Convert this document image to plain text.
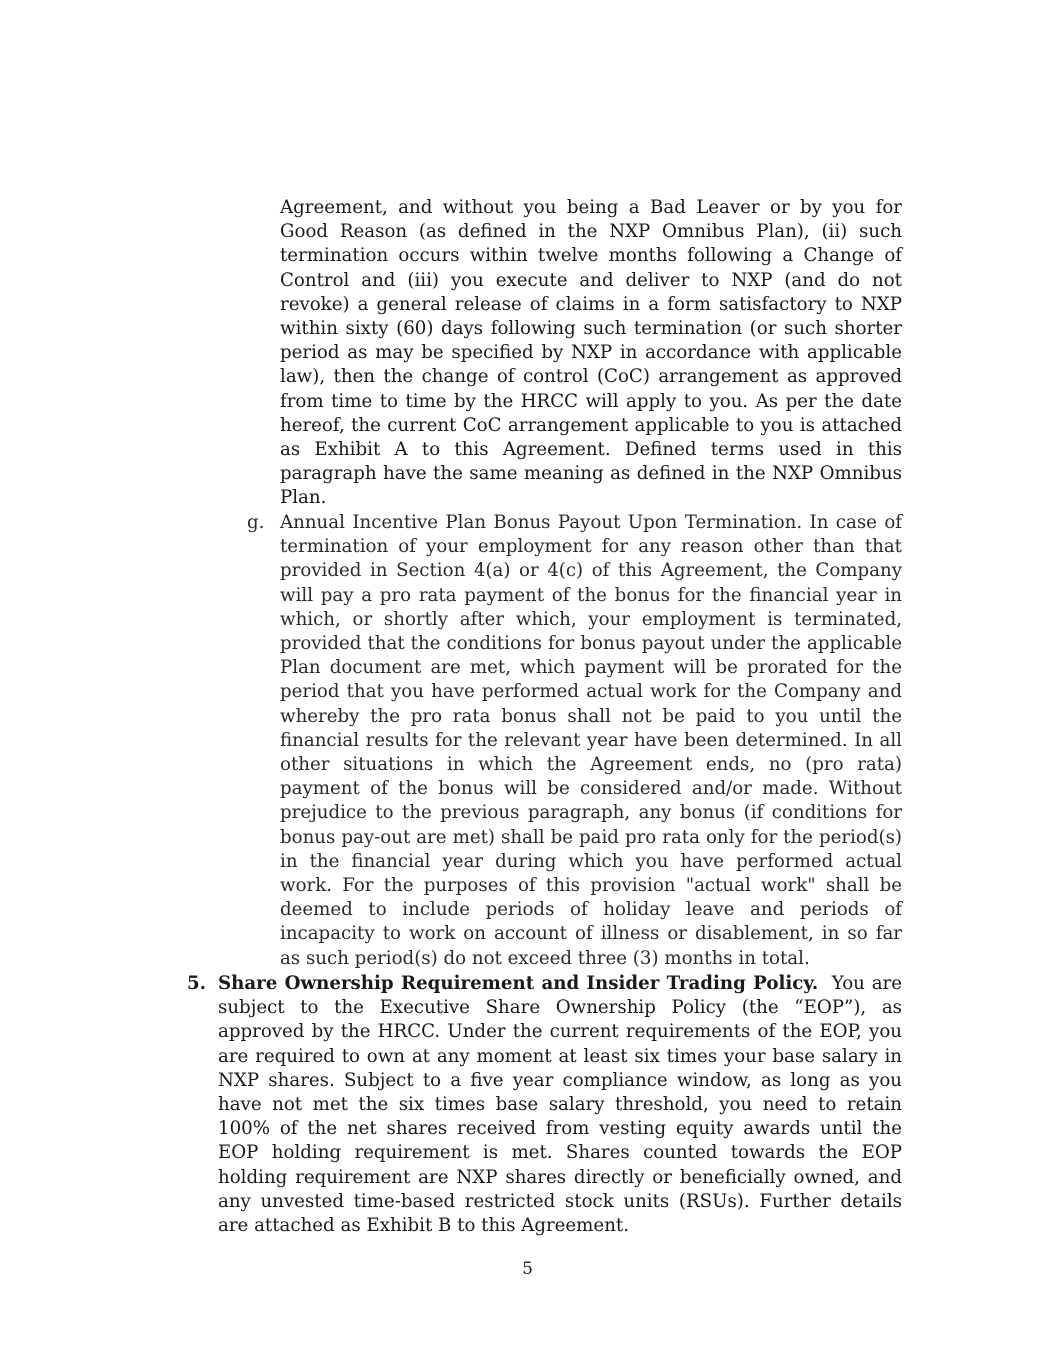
Agreement, and without you being a Bad Leaver or by you for Good Reason (as defined in the NXP Omnibus Plan), (ii) such termination occurs within twelve months following a Change of Control and (iii) you execute and deliver to NXP (and do not revoke) a general release of claims in a form satisfactory to NXP within sixty (60) days following such termination (or such shorter period as may be specified by NXP in accordance with applicable law), then the change of control (CoC) arrangement as approved from time to time by the HRCC will apply to you. As per the date hereof, the current CoC arrangement applicable to you is attached as Exhibit A to this Agreement. Defined terms used in this paragraph have the same meaning as defined in the NXP Omnibus Plan.

g. Annual Incentive Plan Bonus Payout Upon Termination. In case of termination of your employment for any reason other than that provided in Section 4(a) or 4(c) of this Agreement, the Company will pay a pro rata payment of the bonus for the financial year in which, or shortly after which, your employment is terminated, provided that the conditions for bonus payout under the applicable Plan document are met, which payment will be prorated for the period that you have performed actual work for the Company and whereby the pro rata bonus shall not be paid to you until the financial results for the relevant year have been determined. In all other situations in which the Agreement ends, no (pro rata) payment of the bonus will be considered and/or made. Without prejudice to the previous paragraph, any bonus (if conditions for bonus pay-out are met) shall be paid pro rata only for the period(s) in the financial year during which you have performed actual work. For the purposes of this provision "actual work" shall be deemed to include periods of holiday leave and periods of incapacity to work on account of illness or disablement, in so far as such period(s) do not exceed three (3) months in total.

5. Share Ownership Requirement and Insider Trading Policy. You are subject to the Executive Share Ownership Policy (the “EOP”), as approved by the HRCC. Under the current requirements of the EOP, you are required to own at any moment at least six times your base salary in NXP shares. Subject to a five year compliance window, as long as you have not met the six times base salary threshold, you need to retain 100% of the net shares received from vesting equity awards until the EOP holding requirement is met. Shares counted towards the EOP holding requirement are NXP shares directly or beneficially owned, and any unvested time-based restricted stock units (RSUs). Further details are attached as Exhibit B to this Agreement.

5
